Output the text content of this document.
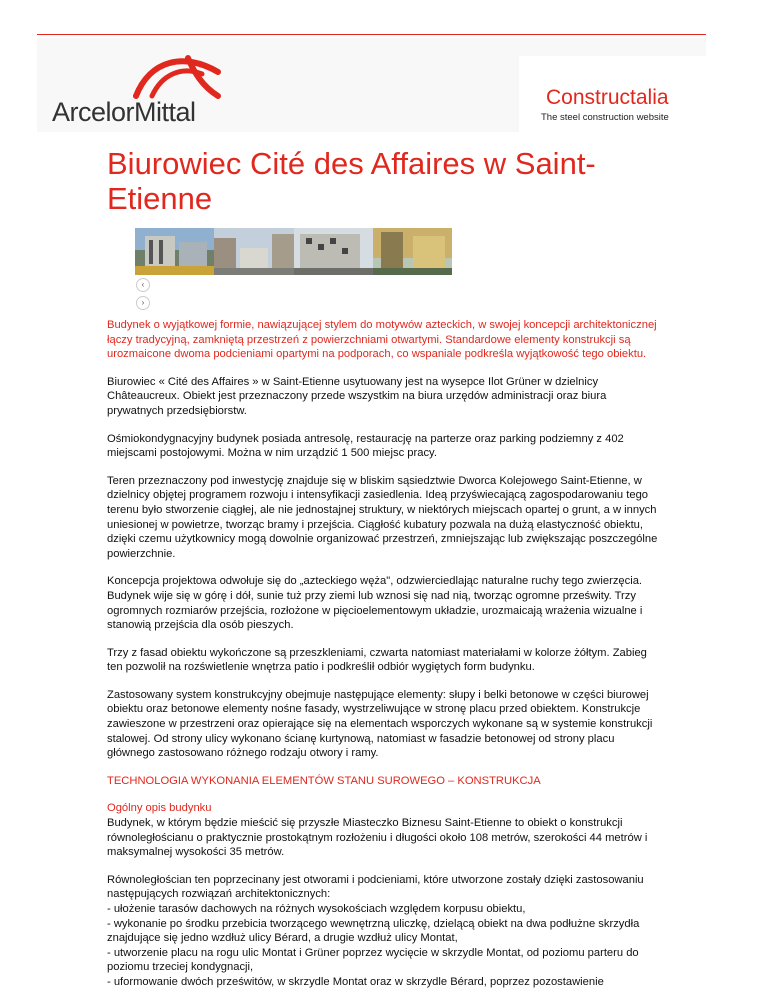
ArcelorMittal	Constructalia
The steel construction website
Biurowiec Cité des Affaires w Saint-Etienne
‹
›

Budynek o wyjątkowej formie, nawiązującej stylem do motywów azteckich, w swojej koncepcji architektonicznej łączy tradycyjną, zamkniętą przestrzeń z powierzchniami otwartymi. Standardowe elementy konstrukcji są urozmaicone dwoma podcieniami opartymi na podporach, co wspaniale podkreśla wyjątkowość tego obiektu.

Biurowiec « Cité des Affaires » w Saint-Etienne usytuowany jest na wysepce Ilot Grüner w dzielnicy Châteaucreux. Obiekt jest przeznaczony przede wszystkim na biura urzędów administracji oraz biura prywatnych przedsiębiorstw.

Ośmiokondygnacyjny budynek posiada antresolę, restaurację na parterze oraz parking podziemny z 402 miejscami postojowymi. Można w nim urządzić 1 500 miejsc pracy.

Teren przeznaczony pod inwestycję znajduje się w bliskim sąsiedztwie Dworca Kolejowego Saint-Etienne, w dzielnicy objętej programem rozwoju i intensyfikacji zasiedlenia. Ideą przyświecającą zagospodarowaniu tego terenu było stworzenie ciągłej, ale nie jednostajnej struktury, w niektórych miejscach opartej o grunt, a w innych uniesionej w powietrze, tworząc bramy i przejścia. Ciągłość kubatury pozwala na dużą elastyczność obiektu, dzięki czemu użytkownicy mogą dowolnie organizować przestrzeń, zmniejszając lub zwiększając poszczególne powierzchnie.

Koncepcja projektowa odwołuje się do „azteckiego węża", odzwierciedlając naturalne ruchy tego zwierzęcia. Budynek wije się w górę i dół, sunie tuż przy ziemi lub wznosi się nad nią, tworząc ogromne prześwity. Trzy ogromnych rozmiarów przejścia, rozłożone w pięcioelementowym układzie, urozmaicają wrażenia wizualne i stanowią przejścia dla osób pieszych.

Trzy z fasad obiektu wykończone są przeszkleniami, czwarta natomiast materiałami w kolorze żółtym. Zabieg ten pozwolił na rozświetlenie wnętrza patio i podkreślił odbiór wygiętych form budynku.

Zastosowany system konstrukcyjny obejmuje następujące elementy: słupy i belki betonowe w części biurowej obiektu oraz betonowe elementy nośne fasady, wystrzeliwujące w stronę placu przed obiektem. Konstrukcje zawieszone w przestrzeni oraz opierające się na elementach wsporczych wykonane są w systemie konstrukcji stalowej. Od strony ulicy wykonano ścianę kurtynową, natomiast w fasadzie betonowej od strony placu głównego zastosowano różnego rodzaju otwory i ramy.

TECHNOLOGIA WYKONANIA ELEMENTÓW STANU SUROWEGO – KONSTRUKCJA

Ogólny opis budynku
Budynek, w którym będzie mieścić się przyszłe Miasteczko Biznesu Saint-Etienne to obiekt o konstrukcji równoległościanu o praktycznie prostokątnym rozłożeniu i długości około 108 metrów, szerokości 44 metrów i maksymalnej wysokości 35 metrów.

Równoległościan ten poprzecinany jest otworami i podcieniami, które utworzone zostały dzięki zastosowaniu następujących rozwiązań architektonicznych:
- ułożenie tarasów dachowych na różnych wysokościach względem korpusu obiektu,
- wykonanie po środku przebicia tworzącego wewnętrzną uliczkę, dzielącą obiekt na dwa podłużne skrzydła znajdujące się jedno wzdłuż ulicy Bérard, a drugie wzdłuż ulicy Montat,
- utworzenie placu na rogu ulic Montat i Grüner poprzez wycięcie w skrzydle Montat, od poziomu parteru do poziomu trzeciej kondygnacji,
- uformowanie dwóch prześwitów, w skrzydle Montat oraz w skrzydle Bérard, poprzez pozostawienie
